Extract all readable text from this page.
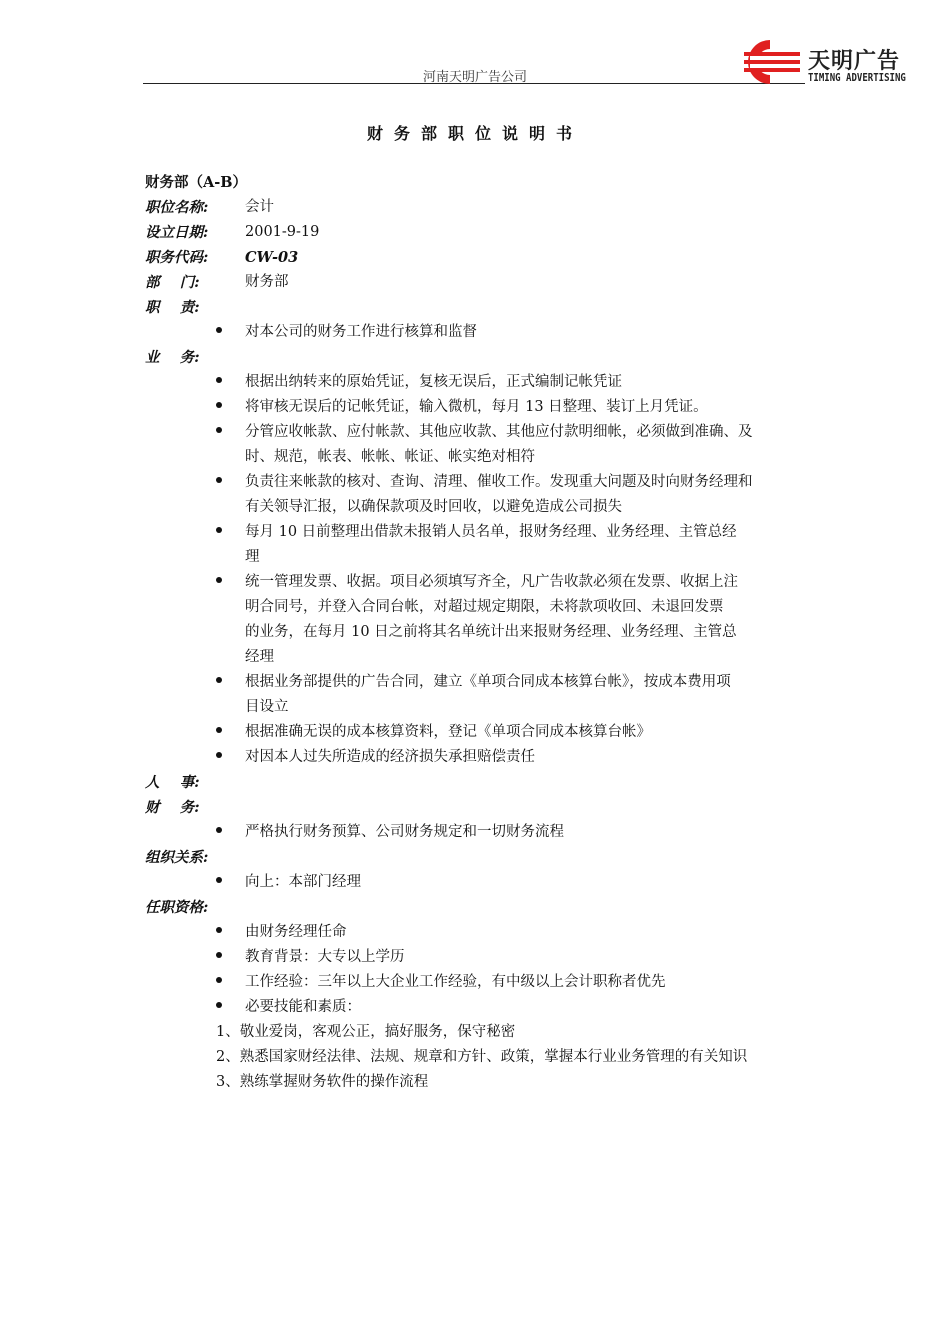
河南天明广告公司
天明广告
TIMING ADVERTISING
财务部职位说明书
财务部（A-B）
职位名称:	会计
设立日期:	2001-9-19
职务代码:	CW-03
部    门:	财务部
职    责:
对本公司的财务工作进行核算和监督
业    务:
根据出纳转来的原始凭证，复核无误后，正式编制记帐凭证
将审核无误后的记帐凭证，输入微机，每月 13 日整理、装订上月凭证。
分管应收帐款、应付帐款、其他应收款、其他应付款明细帐，必须做到准确、及
时、规范，帐表、帐帐、帐证、帐实绝对相符
负责往来帐款的核对、查询、清理、催收工作。发现重大问题及时向财务经理和
有关领导汇报，以确保款项及时回收，以避免造成公司损失
每月 10 日前整理出借款未报销人员名单，报财务经理、业务经理、主管总经
理
统一管理发票、收据。项目必须填写齐全，凡广告收款必须在发票、收据上注
明合同号，并登入合同台帐，对超过规定期限，未将款项收回、未退回发票
的业务，在每月 10 日之前将其名单统计出来报财务经理、业务经理、主管总
经理
根据业务部提供的广告合同，建立《单项合同成本核算台帐》，按成本费用项
目设立
根据准确无误的成本核算资料，登记《单项合同成本核算台帐》
对因本人过失所造成的经济损失承担赔偿责任
人    事:
财    务:
严格执行财务预算、公司财务规定和一切财务流程
组织关系:
向上：本部门经理
任职资格:
由财务经理任命
教育背景：大专以上学历
工作经验：三年以上大企业工作经验，有中级以上会计职称者优先
必要技能和素质：
1、敬业爱岗，客观公正，搞好服务，保守秘密
2、熟悉国家财经法律、法规、规章和方针、政策，掌握本行业业务管理的有关知识
3、熟练掌握财务软件的操作流程
